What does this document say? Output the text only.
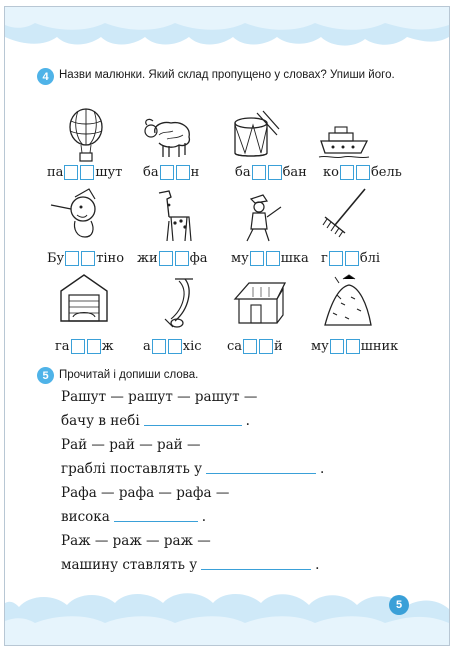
4 Назви малюнки. Який склад пропущено у словах? Упиши його.
па шут ба н	ба бан ко бель
Бу тіно жи фа му шка г блі
га ж а хіс са й му шник
5 Прочитай і допиши слова.
Рашут — рашут — рашут —
бачу в небі	.
Рай — рай — рай —
граблі поставлять у	.
Рафа — рафа — рафа —
висока	.
Раж — раж — раж —
машину ставлять у	.
5
